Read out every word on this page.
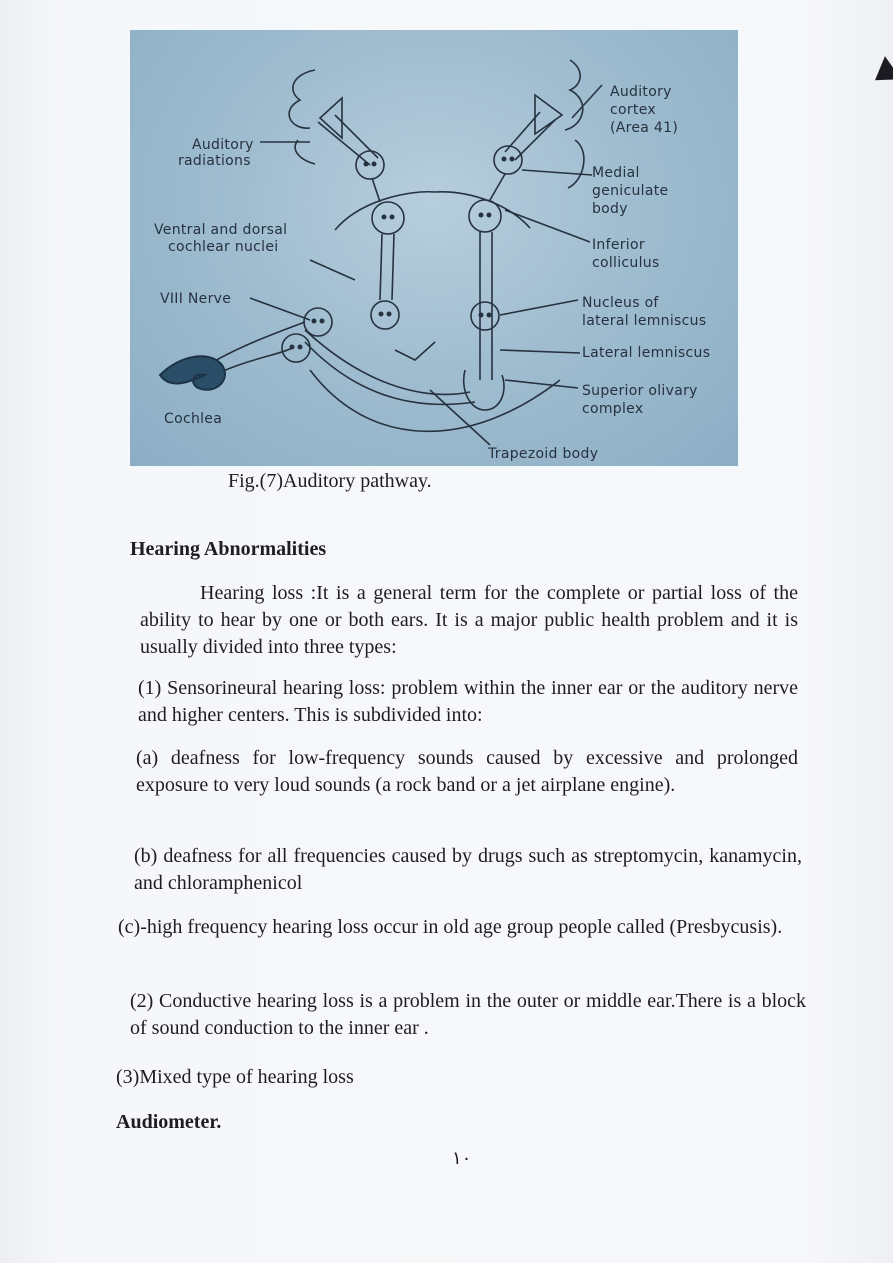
Auditory
cortex
(Area 41)
Auditory
radiations
Medial
geniculate
body
Ventral and dorsal
cochlear nuclei	Inferior
colliculus
VIII Nerve	Nucleus of
lateral lemniscus
Lateral lemniscus
Superior olivary
complex
Cochlea
Trapezoid body
Fig.(7)Auditory pathway.
Hearing Abnormalities
Hearing loss :It is a general term for the complete or partial loss of the ability to hear by one or both ears. It is a major public health problem and it is usually divided into three types:
(1) Sensorineural hearing loss: problem within the inner ear or the auditory nerve and higher centers. This is subdivided into:
(a) deafness for low-frequency sounds caused by excessive and prolonged exposure to very loud sounds (a rock band or a jet airplane engine).
(b) deafness for all frequencies caused by drugs such as streptomycin, kanamycin, and chloramphenicol
(c)-high frequency hearing loss occur in old age group people called (Presbycusis).
(2) Conductive hearing loss is a problem in the outer or middle ear.There is a block of sound conduction to the inner ear .
(3)Mixed type of hearing loss
Audiometer.
١٠
